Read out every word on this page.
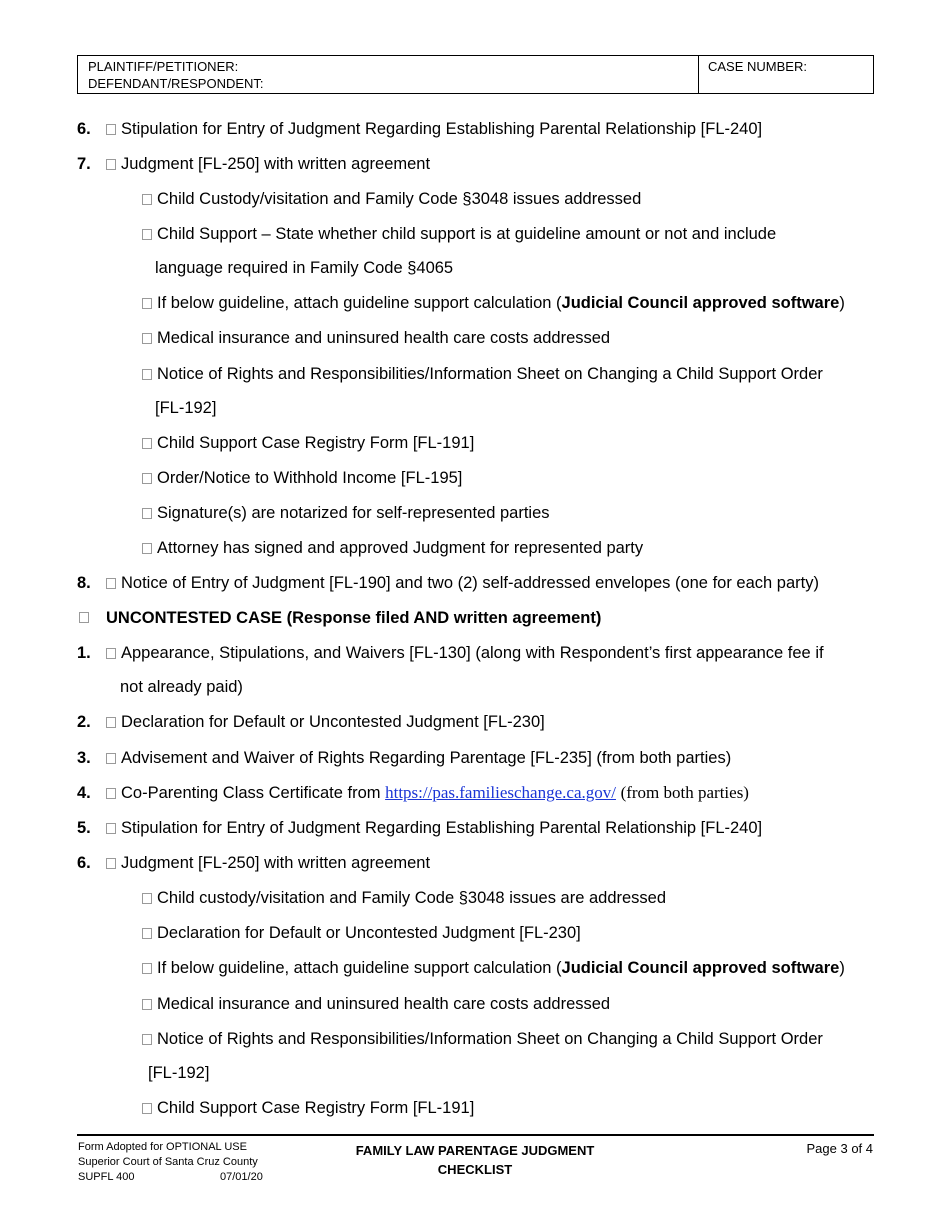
PLAINTIFF/PETITIONER:
DEFENDANT/RESPONDENT:
CASE NUMBER:
6.	Stipulation for Entry of Judgment Regarding Establishing Parental Relationship [FL-240]
7.	Judgment [FL-250] with written agreement
Child Custody/visitation and Family Code §3048 issues addressed
Child Support – State whether child support is at guideline amount or not and include
language required in Family Code §4065
If below guideline, attach guideline support calculation (Judicial Council approved software)
Medical insurance and uninsured health care costs addressed
Notice of Rights and Responsibilities/Information Sheet on Changing a Child Support Order
[FL-192]
Child Support Case Registry Form [FL-191]
Order/Notice to Withhold Income [FL-195]
Signature(s) are notarized for self-represented parties
Attorney has signed and approved Judgment for represented party
8.	Notice of Entry of Judgment [FL-190] and two (2) self-addressed envelopes (one for each party)
UNCONTESTED CASE (Response filed AND written agreement)
1.	Appearance, Stipulations, and Waivers [FL-130] (along with Respondent’s first appearance fee if
not already paid)
2.	Declaration for Default or Uncontested Judgment [FL-230]
3.	Advisement and Waiver of Rights Regarding Parentage [FL-235] (from both parties)
4.	Co-Parenting Class Certificate from https://pas.familieschange.ca.gov/ (from both parties)
5.	Stipulation for Entry of Judgment Regarding Establishing Parental Relationship [FL-240]
6.	Judgment [FL-250] with written agreement
Child custody/visitation and Family Code §3048 issues are addressed
Declaration for Default or Uncontested Judgment [FL-230]
If below guideline, attach guideline support calculation (Judicial Council approved software)
Medical insurance and uninsured health care costs addressed
Notice of Rights and Responsibilities/Information Sheet on Changing a Child Support Order
[FL-192]
Child Support Case Registry Form [FL-191]
Form Adopted for OPTIONAL USE
Superior Court of Santa Cruz County
SUPFL 400	07/01/20
FAMILY LAW PARENTAGE JUDGMENT
CHECKLIST
Page 3 of 4
